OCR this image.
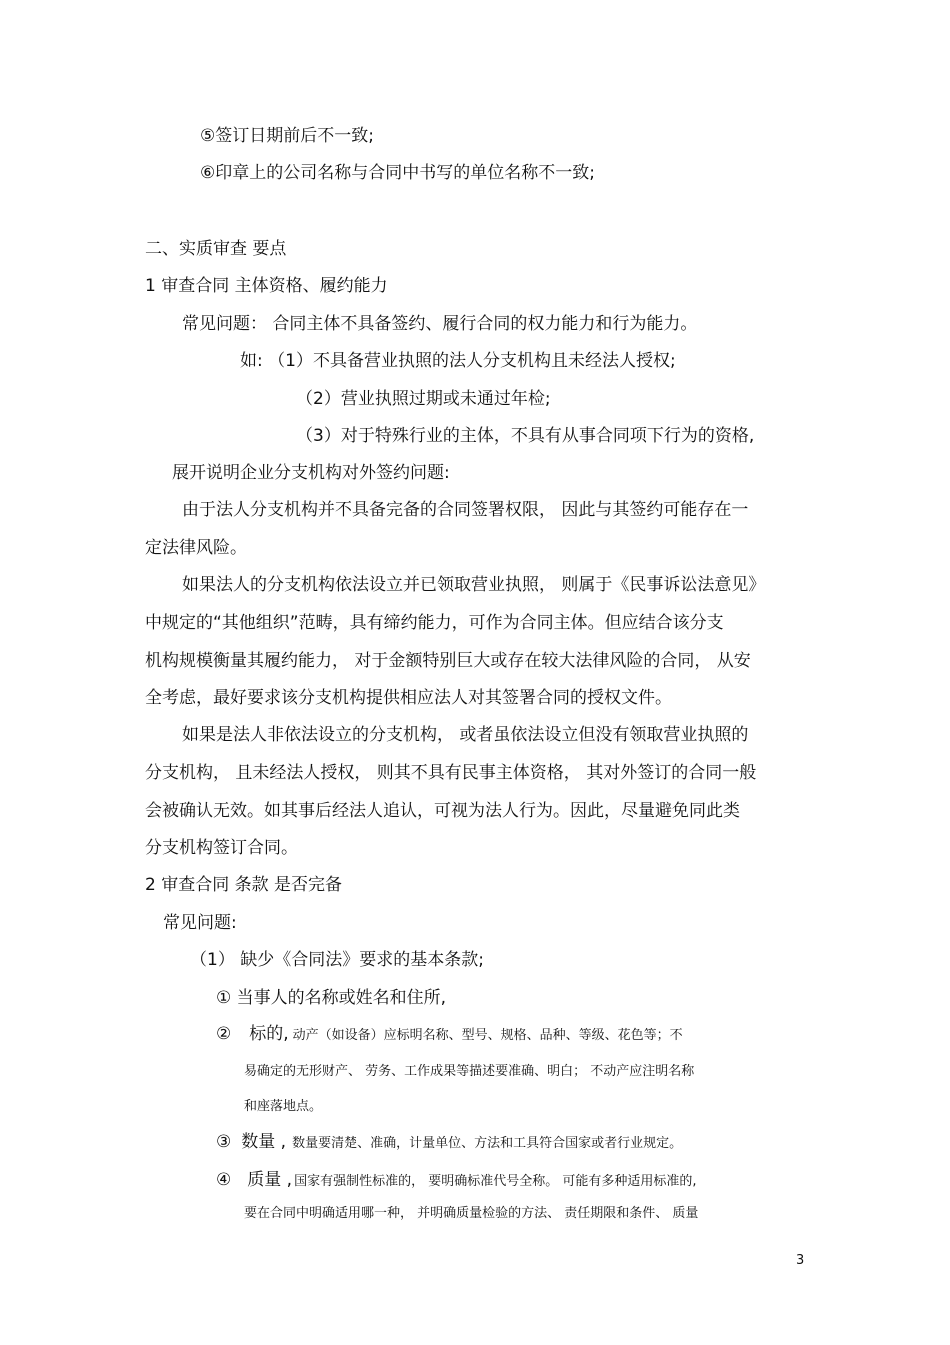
⑤签订日期前后不一致;
⑥印章上的公司名称与合同中书写的单位名称不一致;
二、实质审查 要点
1 审查合同 主体资格、履约能力
常见问题： 合同主体不具备签约、履行合同的权力能力和行为能力。
如: （1）不具备营业执照的法人分支机构且未经法人授权;
（2）营业执照过期或未通过年检;
（3）对于特殊行业的主体，不具有从事合同项下行为的资格,
展开说明企业分支机构对外签约问题:
由于法人分支机构并不具备完备的合同签署权限， 因此与其签约可能存在一
定法律风险。
如果法人的分支机构依法设立并已领取营业执照， 则属于《民事诉讼法意见》
中规定的“其他组织”范畴，具有缔约能力，可作为合同主体。但应结合该分支
机构规模衡量其履约能力， 对于金额特别巨大或存在较大法律风险的合同， 从安
全考虑，最好要求该分支机构提供相应法人对其签署合同的授权文件。
如果是法人非依法设立的分支机构， 或者虽依法设立但没有领取营业执照的
分支机构， 且未经法人授权， 则其不具有民事主体资格， 其对外签订的合同一般
会被确认无效。如其事后经法人追认，可视为法人行为。因此，尽量避免同此类
分支机构签订合同。
2 审查合同 条款 是否完备
常见问题:
（1） 缺少《合同法》要求的基本条款;
① 当事人的名称或姓名和住所,
② 标的, 动产（如设备）应标明名称、型号、规格、品种、等级、花色等；不
易确定的无形财产、 劳务、工作成果等描述要准确、明白； 不动产应注明名称
和座落地点。
③ 数量 , 数量要清楚、准确，计量单位、方法和工具符合国家或者行业规定。
④ 质量 , 国家有强制性标准的， 要明确标准代号全称。 可能有多种适用标准的,
要在合同中明确适用哪一种， 并明确质量检验的方法、 责任期限和条件、 质量
3
